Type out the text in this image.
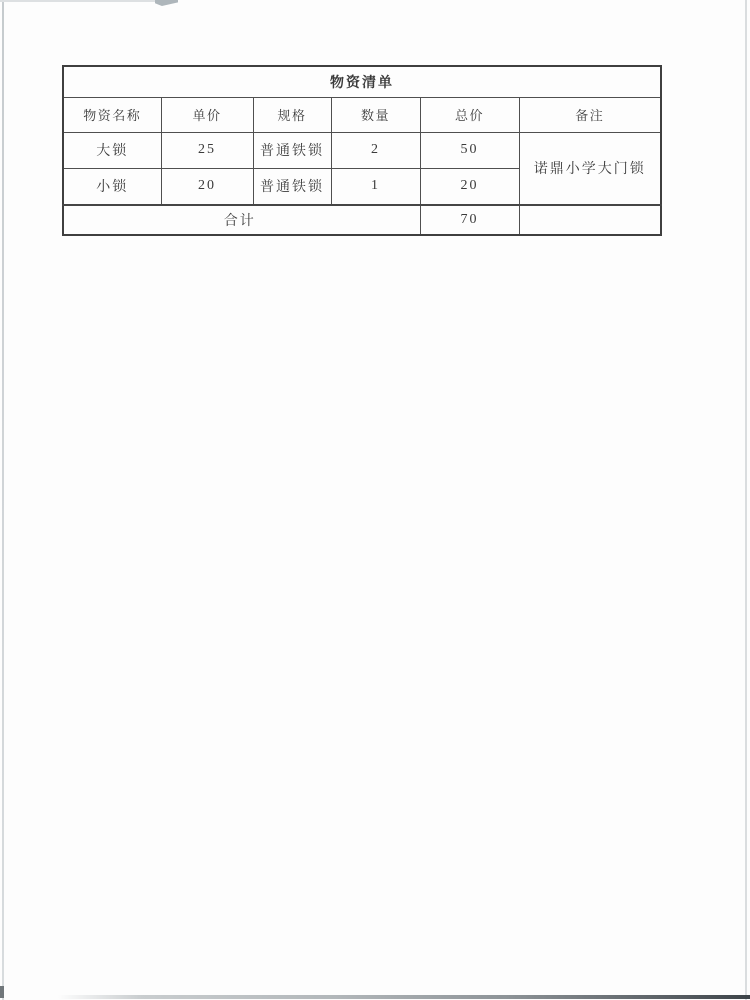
物资清单					
物资名称	单价	规格	数量	总价	备注
大锁	25	普通铁锁	2	50	诺鼎小学大门锁
小锁	20	普通铁锁	1	20	
合计				70	
